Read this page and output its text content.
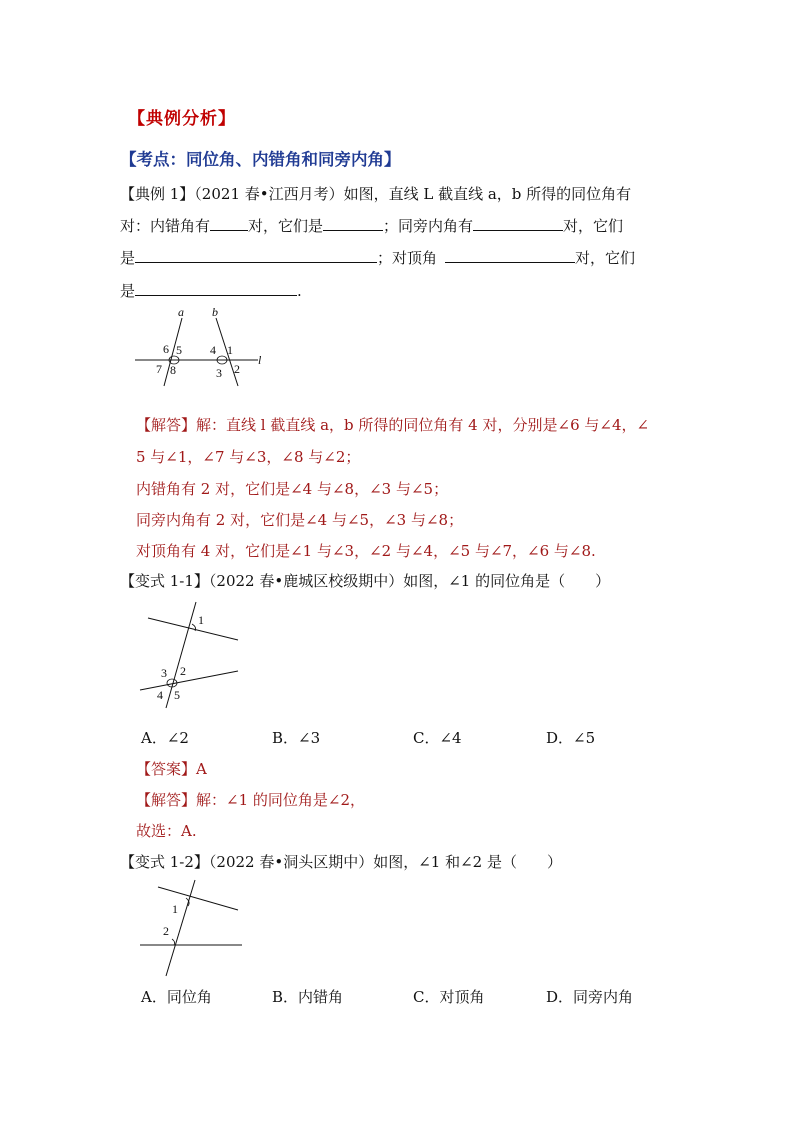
【典例分析】
【考点：同位角、内错角和同旁内角】
【典例 1】（2021 春•江西月考）如图，直线 L 截直线 a，b 所得的同位角有
对：内错角有	对，它们是	；同旁内角有	对，它们
是	；对顶角	对，它们
是	.
a b
l
6 5
7 8
4 1
3 2
【解答】解：直线 l 截直线 a，b 所得的同位角有 4 对，分别是∠6 与∠4，∠
5 与∠1，∠7 与∠3，∠8 与∠2；
内错角有 2 对，它们是∠4 与∠8，∠3 与∠5；
同旁内角有 2 对，它们是∠4 与∠5，∠3 与∠8；
对顶角有 4 对，它们是∠1 与∠3，∠2 与∠4，∠5 与∠7，∠6 与∠8.
【变式 1-1】（2022 春•鹿城区校级期中）如图，∠1 的同位角是（　　）
1
3 2
4 5
A．∠2	B．∠3	C．∠4	D．∠5
【答案】A
【解答】解：∠1 的同位角是∠2，
故选：A.
【变式 1-2】（2022 春•洞头区期中）如图，∠1 和∠2 是（　　）
1
2
A．同位角	B．内错角	C．对顶角	D．同旁内角
